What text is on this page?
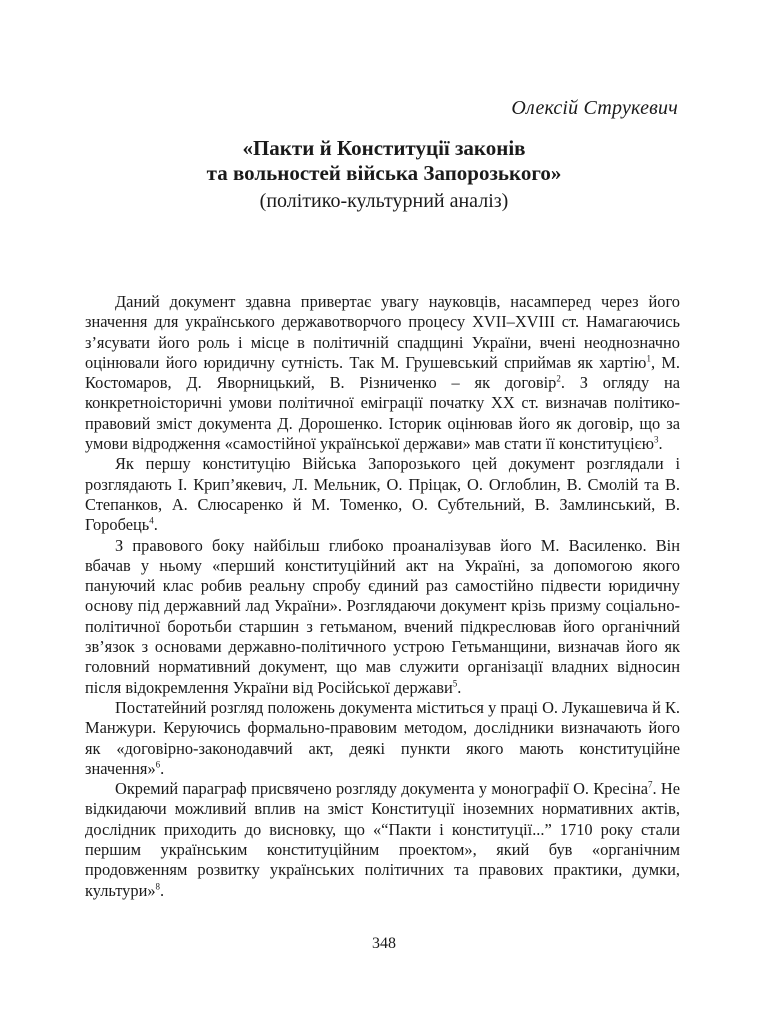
Олексій Струкевич
«Пакти й Конституції законів
та вольностей війська Запорозького»
(політико-культурний аналіз)

Даний документ здавна привертає увагу науковців, насамперед через його значення для українського державотворчого процесу XVII–XVIII ст. Намагаючись з’ясувати його роль і місце в політичній спадщині України, вчені неоднозначно оцінювали його юридичну сутність. Так М. Грушевський сприймав як хартію$^1$, М. Костомаров, Д. Яворницький, В. Різниченко – як договір$^2$. З огляду на конкретноісторичні умови політичної еміграції початку XX ст. визначав політико-правовий зміст документа Д. Дорошенко. Історик оцінював його як договір, що за умови відродження «самостійної української держави» мав стати її конституцією$^3$.

Як першу конституцію Війська Запорозького цей документ розглядали і розглядають І. Крип’якевич, Л. Мельник, О. Пріцак, О. Оглоблин, В. Смолій та В. Степанков, А. Слюсаренко й М. Томенко, О. Субтельний, В. Замлинський, В. Горобець$^4$.

З правового боку найбільш глибоко проаналізував його М. Василенко. Він вбачав у ньому «перший конституційний акт на Україні, за допомогою якого пануючий клас робив реальну спробу єдиний раз самостійно підвести юридичну основу під державний лад України». Розглядаючи документ крізь призму соціально-політичної боротьби старшин з гетьманом, вчений підкреслював його органічний зв’язок з основами державно-політичного устрою Гетьманщини, визначав його як головний нормативний документ, що мав служити організації владних відносин після відокремлення України від Російської держави$^5$.

Постатейний розгляд положень документа міститься у праці О. Лукашевича й К. Манжури. Керуючись формально-правовим методом, дослідники визначають його як «договірно-законодавчий акт, деякі пункти якого мають конституційне значення»$^6$.

Окремий параграф присвячено розгляду документа у монографії О. Кресіна$^7$. Не відкидаючи можливий вплив на зміст Конституції іноземних нормативних актів, дослідник приходить до висновку, що «“Пакти і конституції...” 1710 року стали першим українським конституційним проектом», який був «органічним продовженням розвитку українських політичних та правових практики, думки, культури»$^8$.

348
